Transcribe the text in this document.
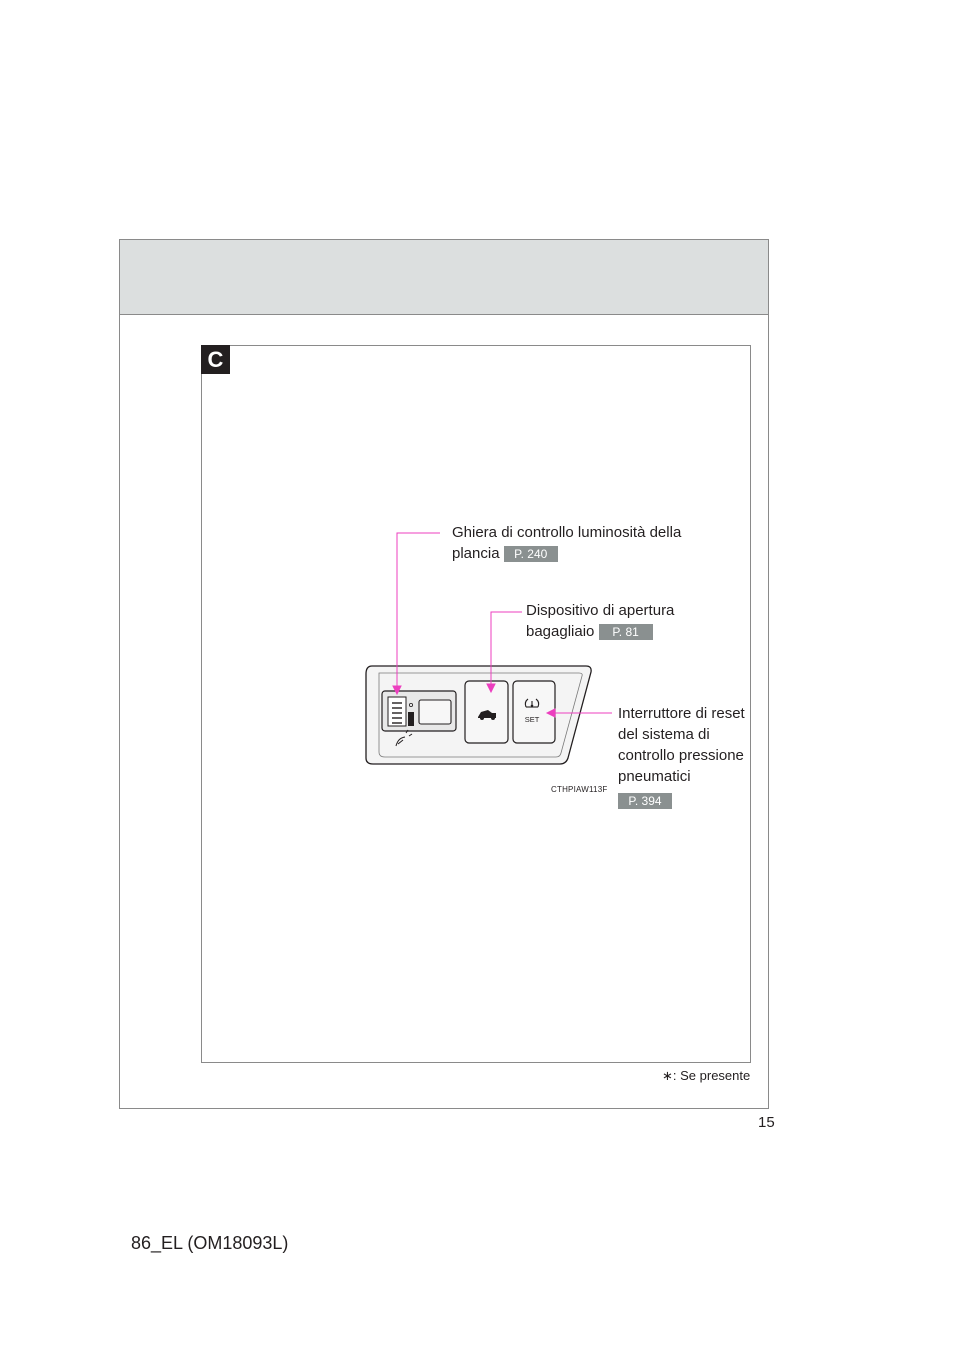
C
Ghiera di controllo luminosità della
plancia P. 240
Dispositivo di apertura
bagagliaio P. 81
Interruttore di reset
del sistema di
controllo pressione
pneumatici
P. 394
SET
CTHPIAW113F
∗: Se presente
15
86_EL (OM18093L)
